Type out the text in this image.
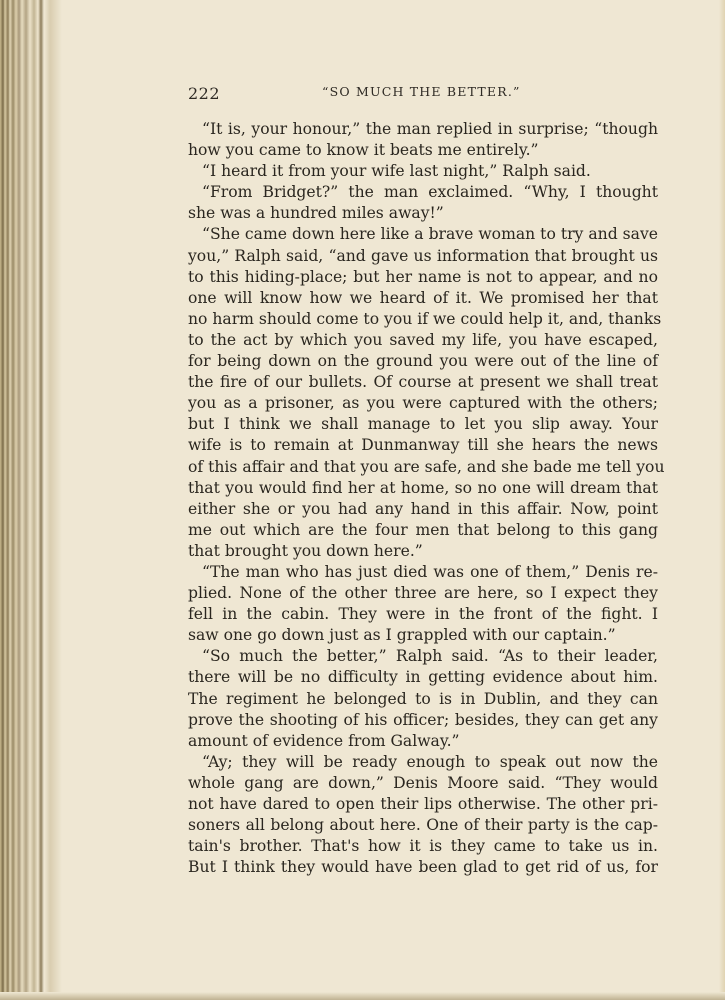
222	“SO MUCH THE BETTER.”
“It is, your honour,” the man replied in surprise; “though
how you came to know it beats me entirely.”
“I heard it from your wife last night,” Ralph said.
“From Bridget?” the man exclaimed. “Why, I thought
she was a hundred miles away!”
“She came down here like a brave woman to try and save
you,” Ralph said, “and gave us information that brought us
to this hiding-place; but her name is not to appear, and no
one will know how we heard of it. We promised her that
no harm should come to you if we could help it, and, thanks
to the act by which you saved my life, you have escaped,
for being down on the ground you were out of the line of
the fire of our bullets. Of course at present we shall treat
you as a prisoner, as you were captured with the others;
but I think we shall manage to let you slip away. Your
wife is to remain at Dunmanway till she hears the news
of this affair and that you are safe, and she bade me tell you
that you would find her at home, so no one will dream that
either she or you had any hand in this affair. Now, point
me out which are the four men that belong to this gang
that brought you down here.”
“The man who has just died was one of them,” Denis re-
plied. None of the other three are here, so I expect they
fell in the cabin. They were in the front of the fight. I
saw one go down just as I grappled with our captain.”
“So much the better,” Ralph said. “As to their leader,
there will be no difficulty in getting evidence about him.
The regiment he belonged to is in Dublin, and they can
prove the shooting of his officer; besides, they can get any
amount of evidence from Galway.”
“Ay; they will be ready enough to speak out now the
whole gang are down,” Denis Moore said. “They would
not have dared to open their lips otherwise. The other pri-
soners all belong about here. One of their party is the cap-
tain's brother. That's how it is they came to take us in.
But I think they would have been glad to get rid of us, for
